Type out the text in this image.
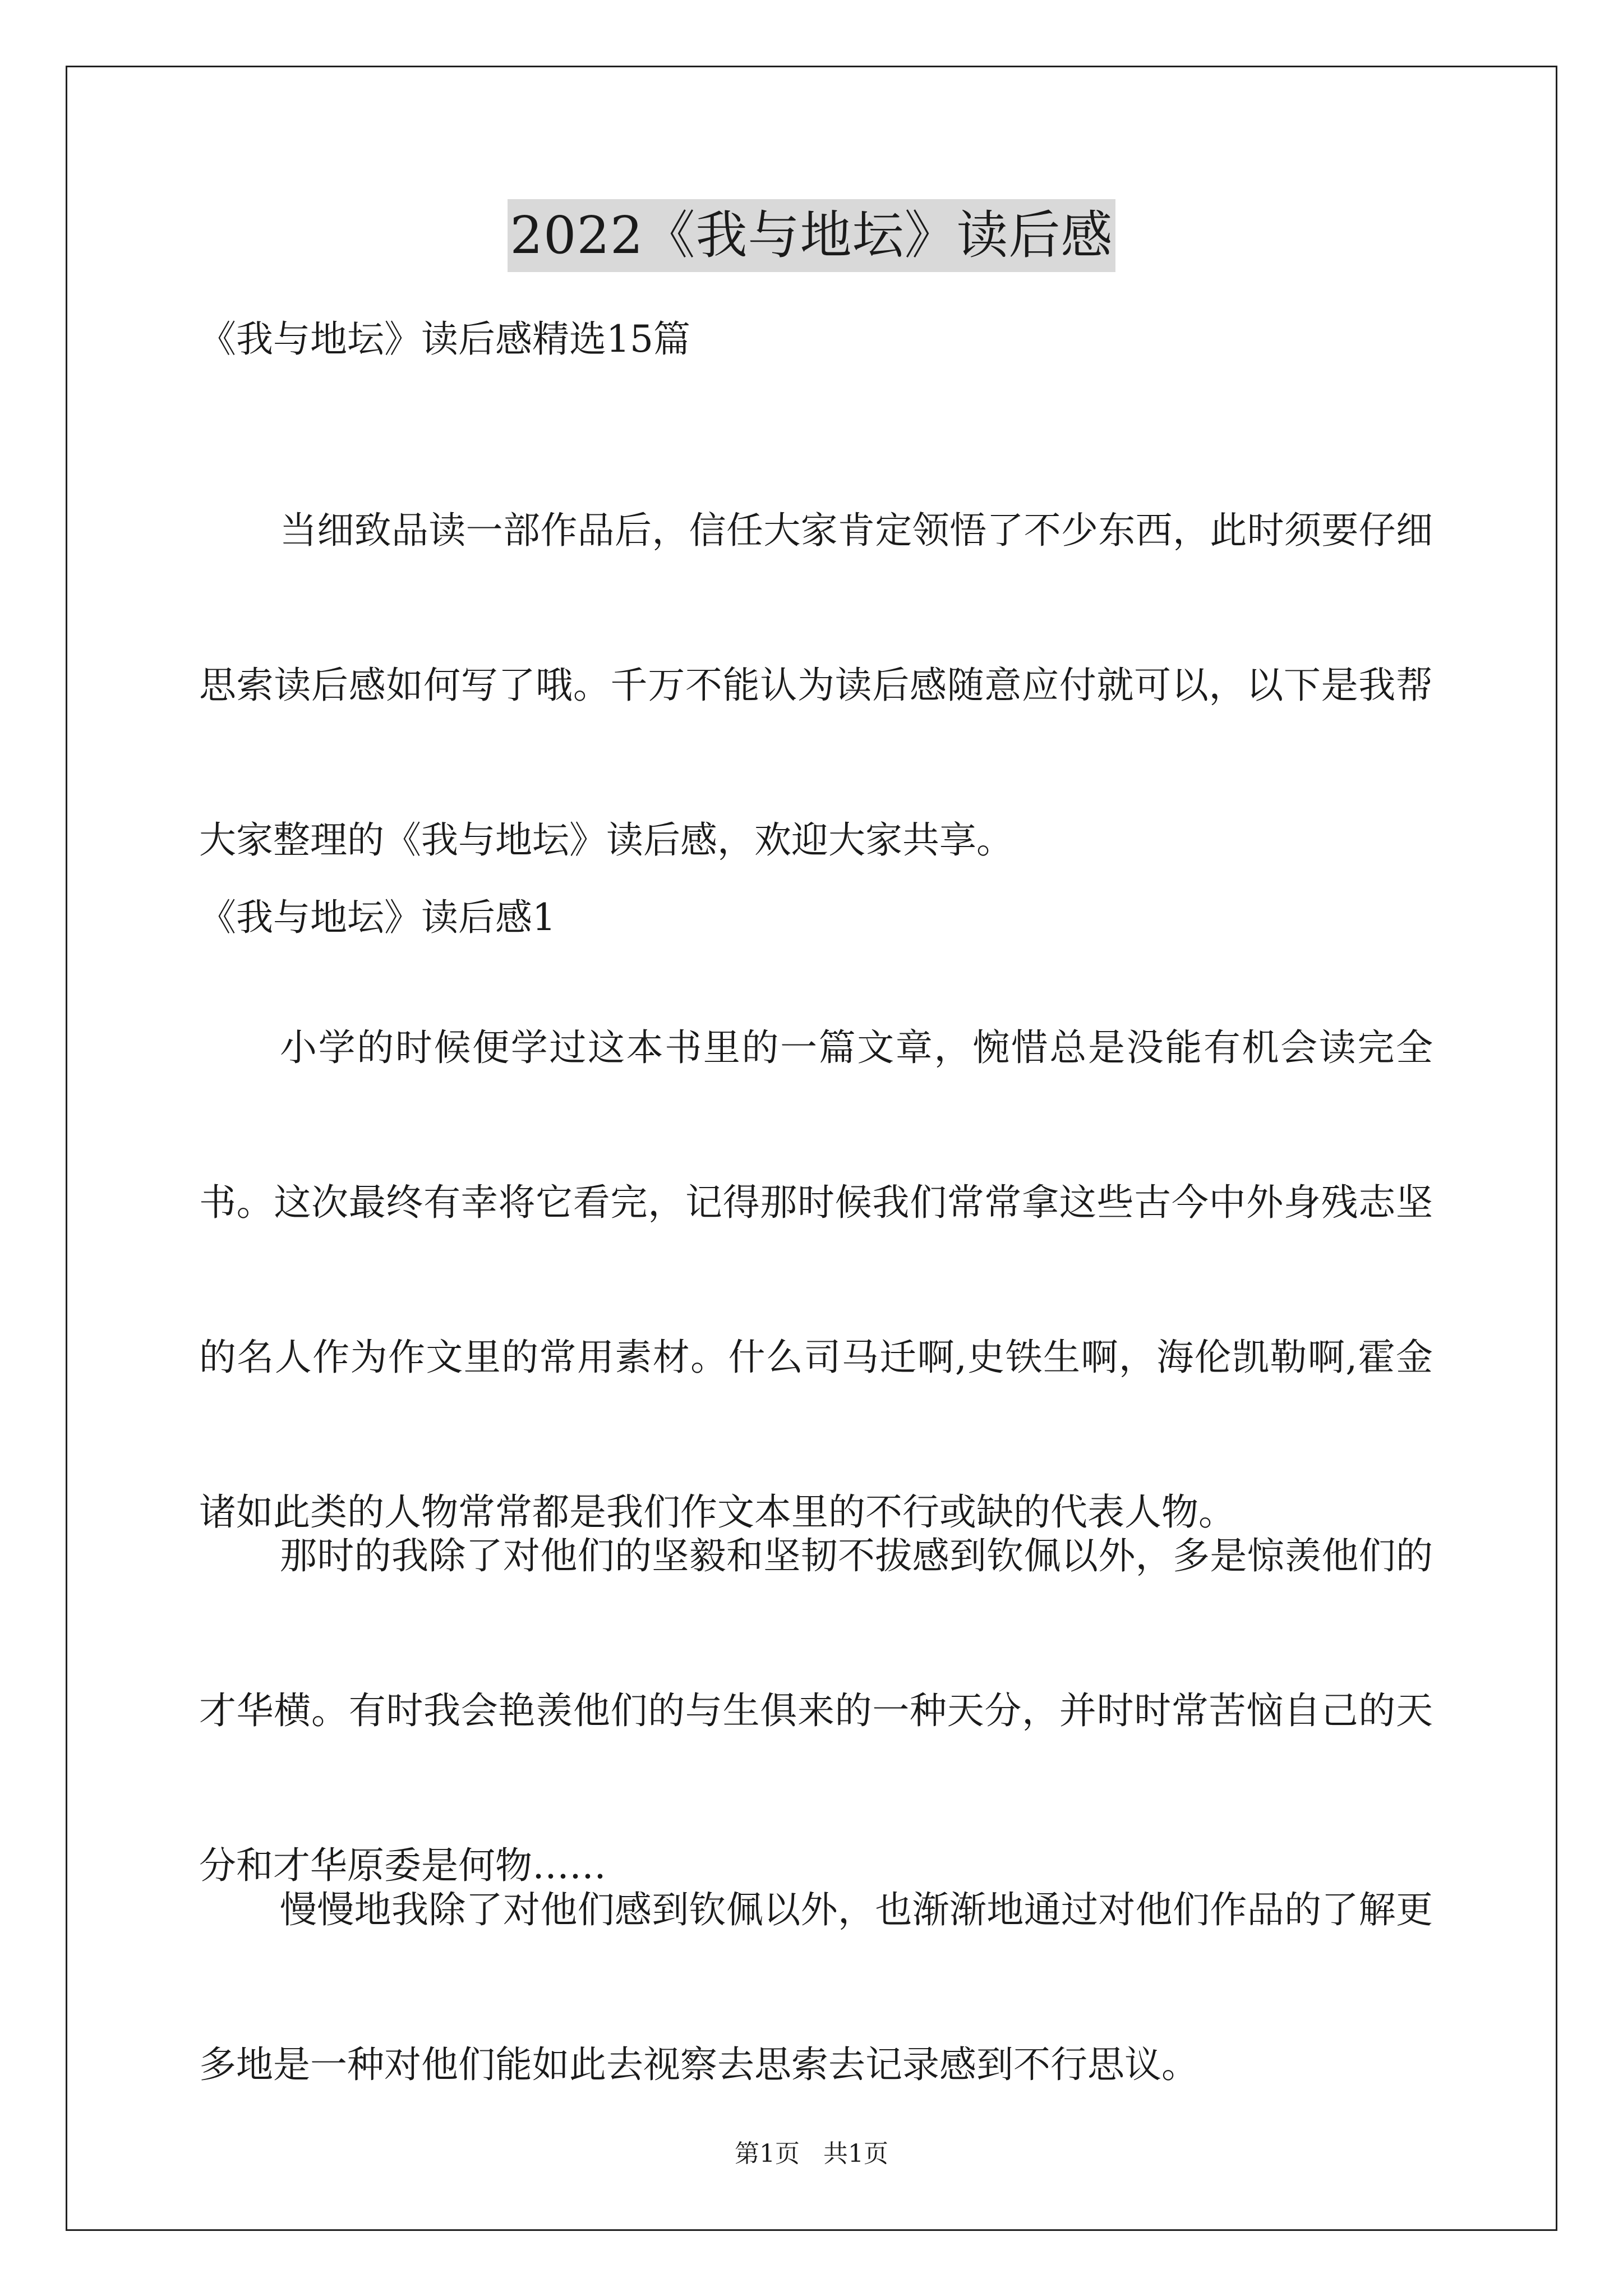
2022《我与地坛》读后感

《我与地坛》读后感精选15篇

当细致品读一部作品后，信任大家肯定领悟了不少东西，此时须要仔细思索读后感如何写了哦。千万不能认为读后感随意应付就可以，以下是我帮大家整理的《我与地坛》读后感，欢迎大家共享。

《我与地坛》读后感1

小学的时候便学过这本书里的一篇文章，惋惜总是没能有机会读完全书。这次最终有幸将它看完，记得那时候我们常常拿这些古今中外身残志坚的名人作为作文里的常用素材。什么司马迁啊,史铁生啊，海伦凯勒啊,霍金诸如此类的人物常常都是我们作文本里的不行或缺的代表人物。

那时的我除了对他们的坚毅和坚韧不拔感到钦佩以外，多是惊羡他们的才华横。有时我会艳羡他们的与生俱来的一种天分，并时时常苦恼自己的天分和才华原委是何物……

慢慢地我除了对他们感到钦佩以外，也渐渐地通过对他们作品的了解更多地是一种对他们能如此去视察去思索去记录感到不行思议。

第1页 共1页
